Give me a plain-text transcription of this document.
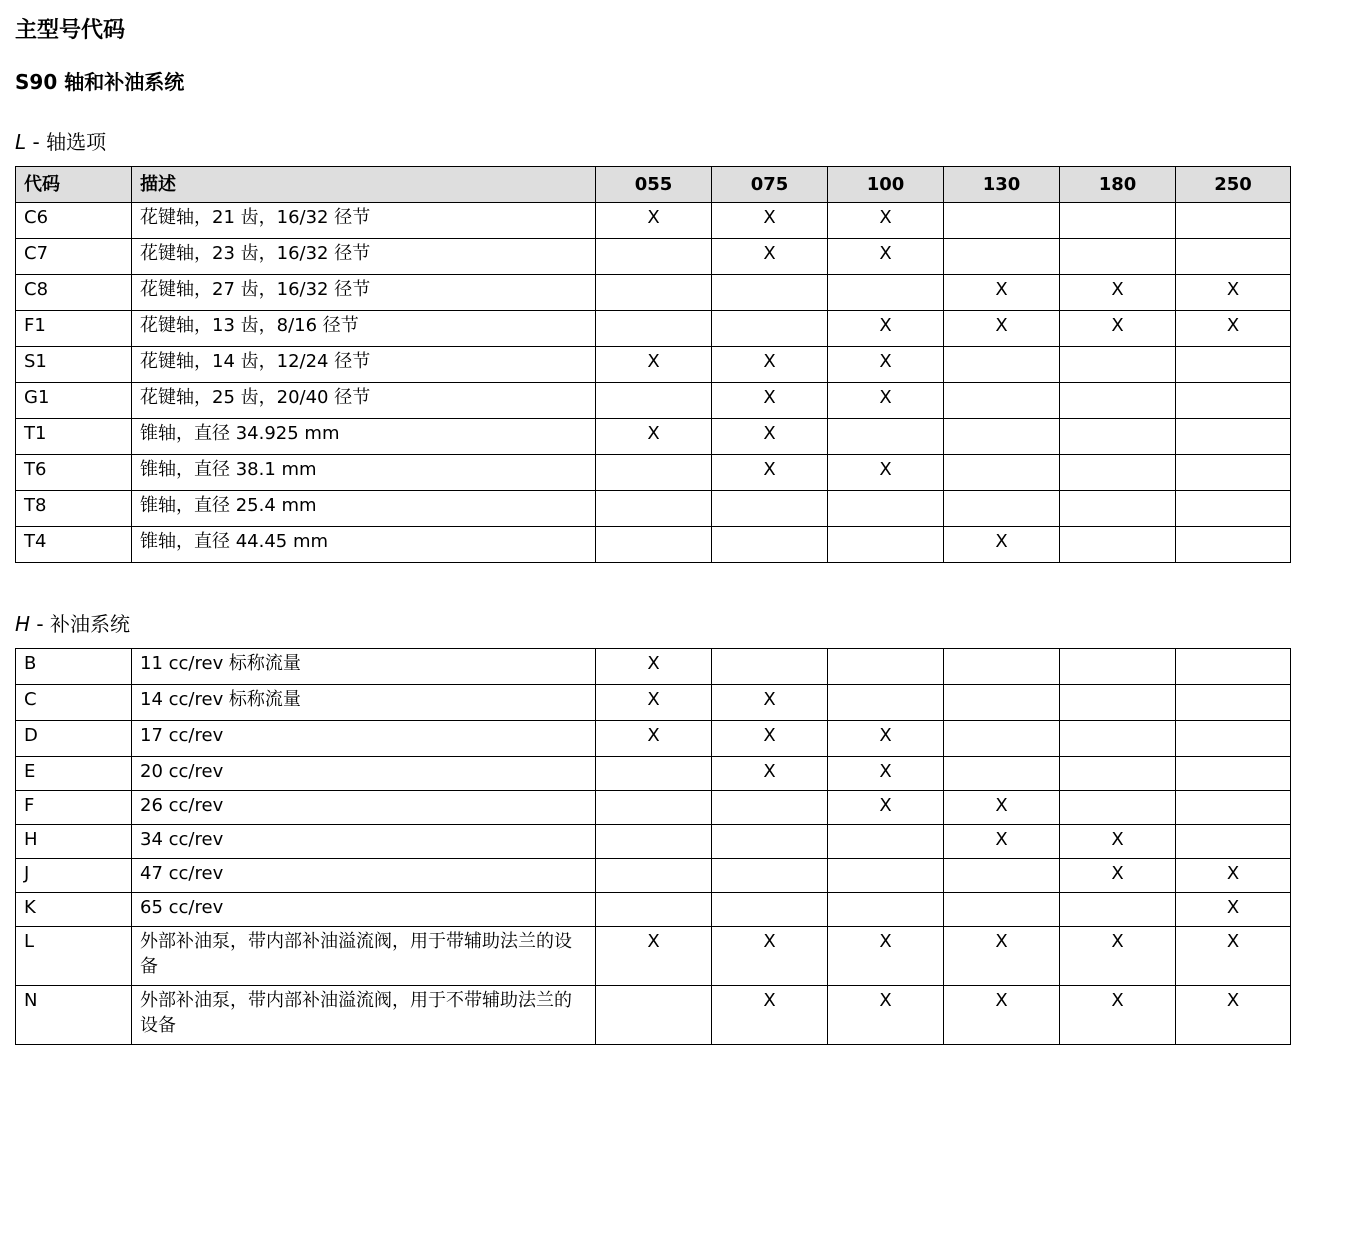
主型号代码
S90 轴和补油系统

L - 轴选项

代码	描述	055	075	100	130	180	250
C6	花键轴，21 齿，16/32 径节	X	X	X			
C7	花键轴，23 齿，16/32 径节		X	X			
C8	花键轴，27 齿，16/32 径节				X	X	X
F1	花键轴，13 齿，8/16 径节			X	X	X	X
S1	花键轴，14 齿，12/24 径节	X	X	X			
G1	花键轴，25 齿，20/40 径节		X	X			
T1	锥轴，直径 34.925 mm	X	X				
T6	锥轴，直径 38.1 mm		X	X			
T8	锥轴，直径 25.4 mm						
T4	锥轴，直径 44.45 mm				X		

H - 补油系统

B	11 cc/rev 标称流量	X					
C	14 cc/rev 标称流量	X	X				
D	17 cc/rev	X	X	X			
E	20 cc/rev		X	X			
F	26 cc/rev			X	X		
H	34 cc/rev				X	X	
J	47 cc/rev					X	X
K	65 cc/rev						X
L	外部补油泵，带内部补油溢流阀，用于带辅助法兰的设备	X	X	X	X	X	X
N	外部补油泵，带内部补油溢流阀，用于不带辅助法兰的设备		X	X	X	X	X
